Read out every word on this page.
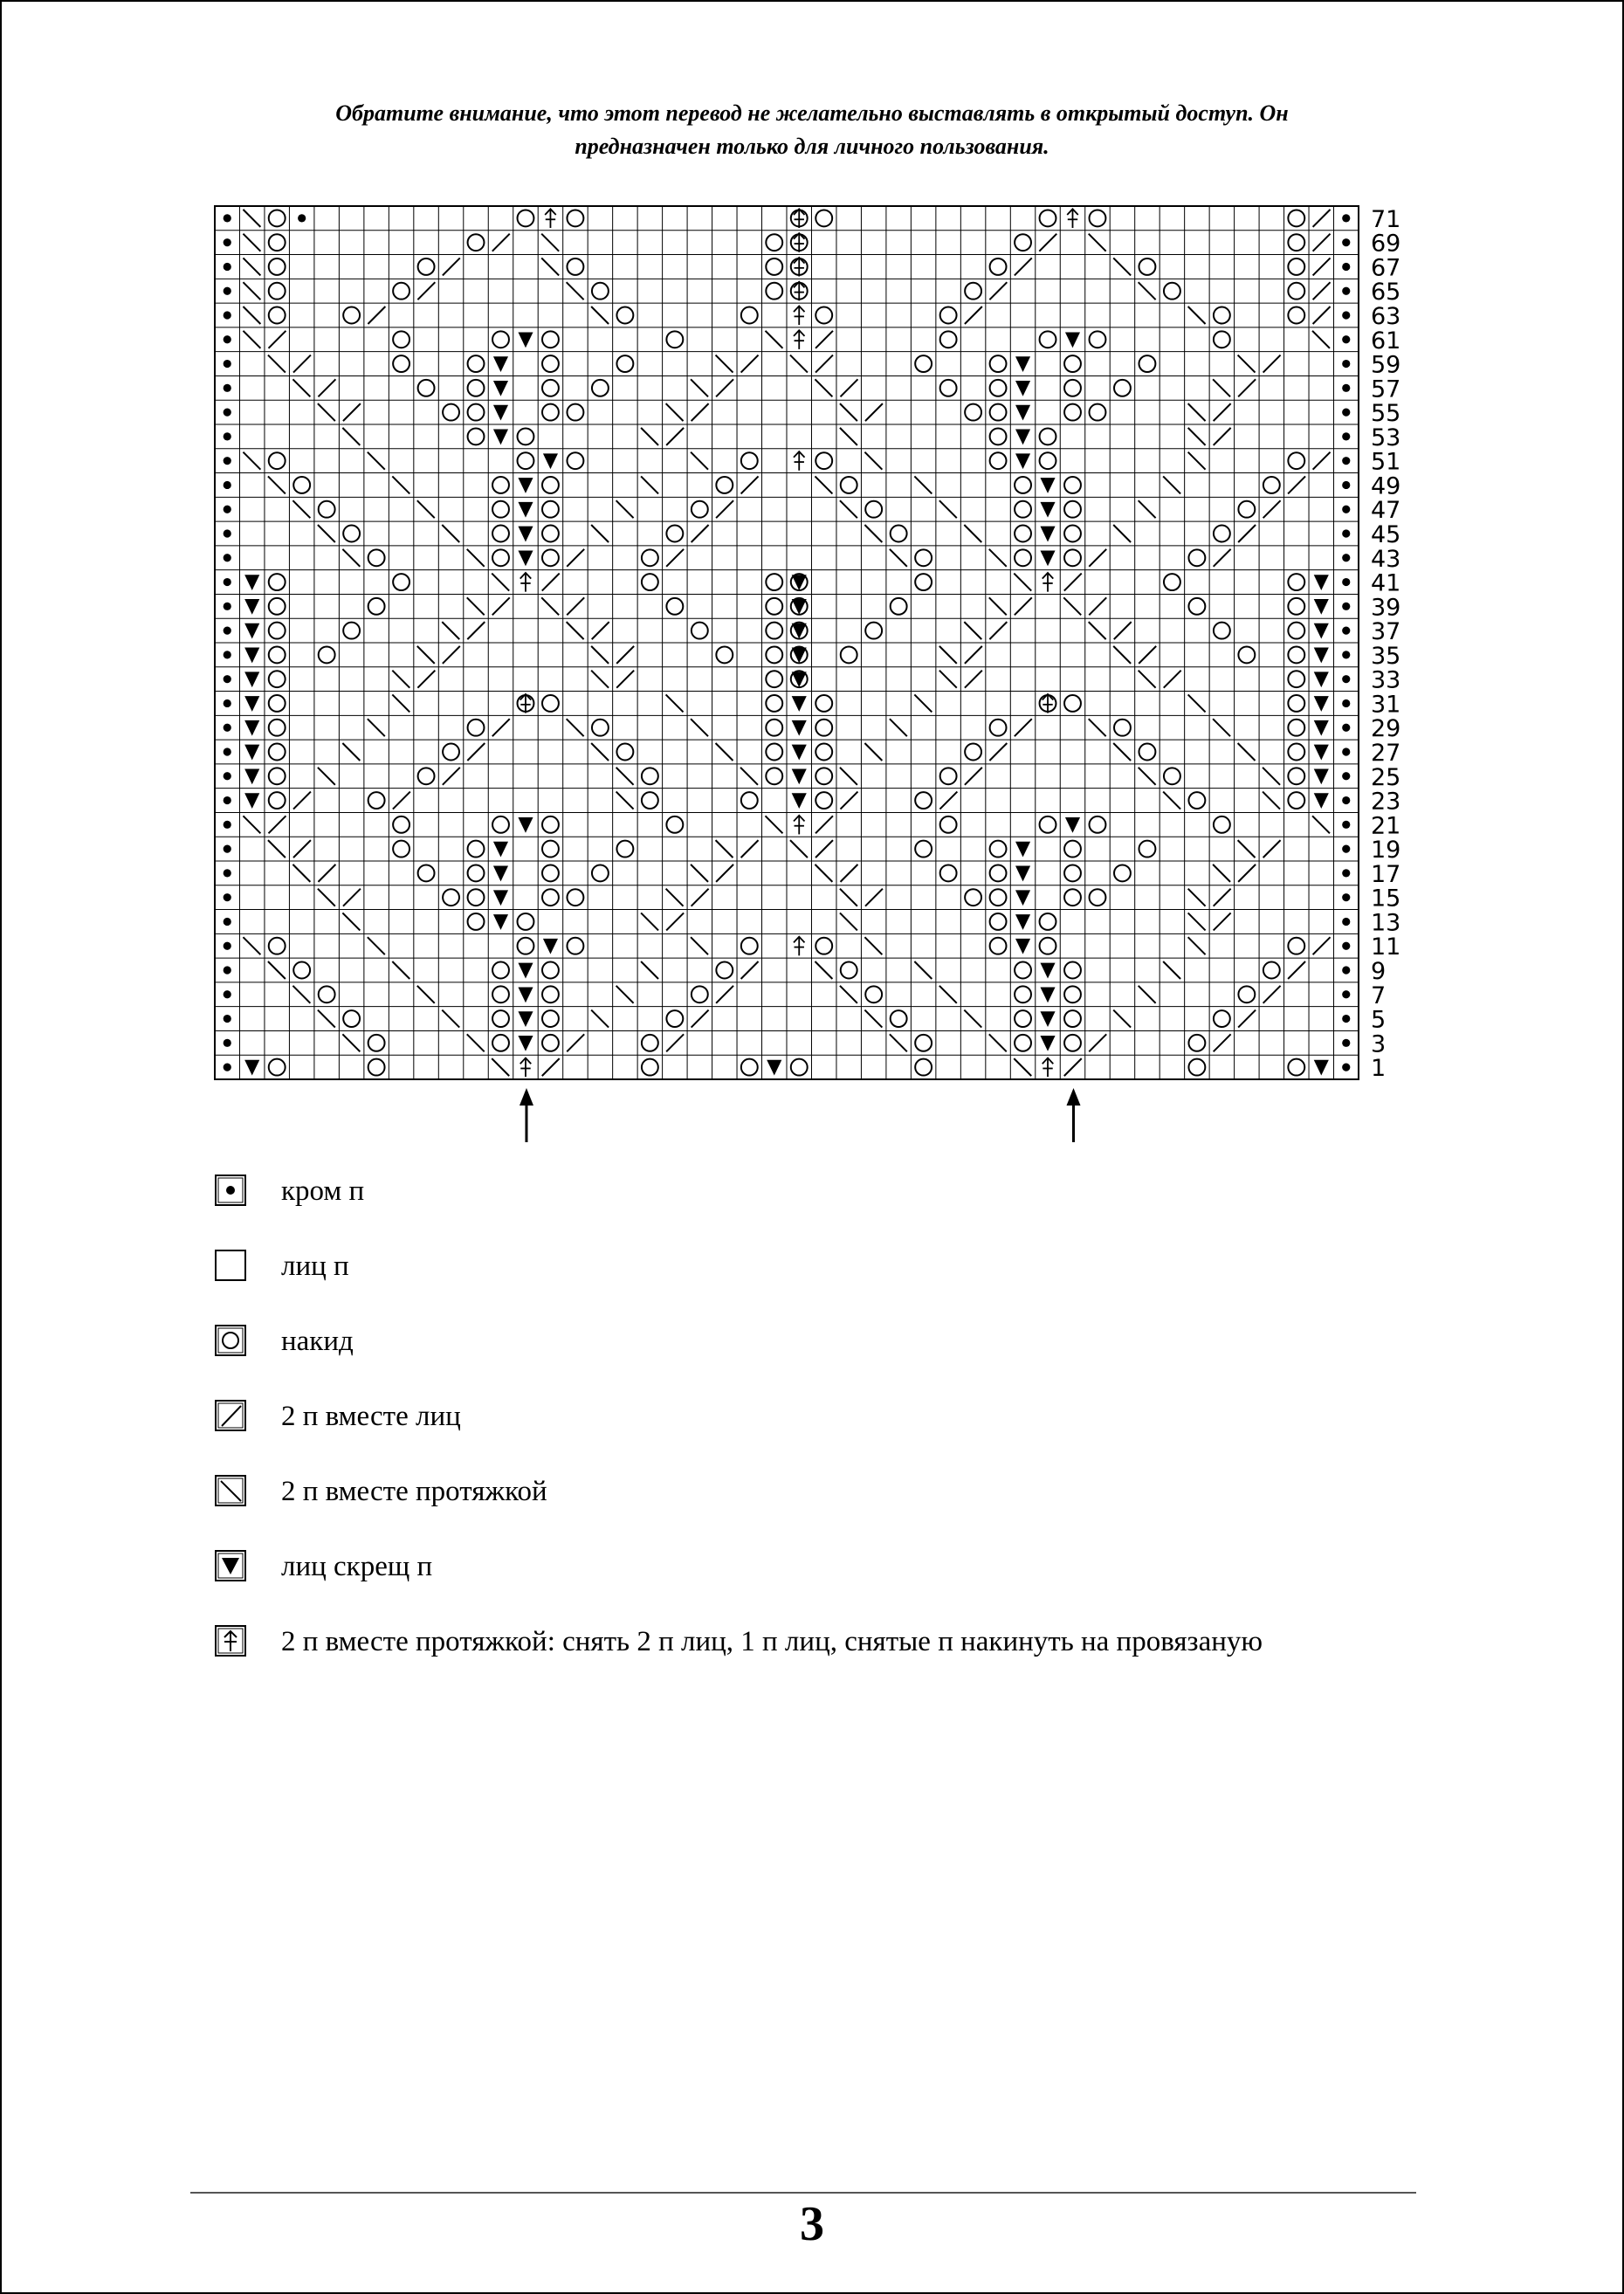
Обратите внимание, что этот перевод не желательно выставлять в открытый доступ. Он
предназначен только для личного пользования.
71
69
67
65
63
61
59
57
55
53
51
49
47
45
43
41
39
37
35
33
31
29
27
25
23
21
19
17
15
13
11
9
7
5
3
1
кром п
лиц п
накид
2 п вместе лиц
2 п вместе протяжкой
лиц скрещ п
2 п вместе протяжкой: снять 2 п лиц, 1 п лиц, снятые п накинуть на провязаную
3
